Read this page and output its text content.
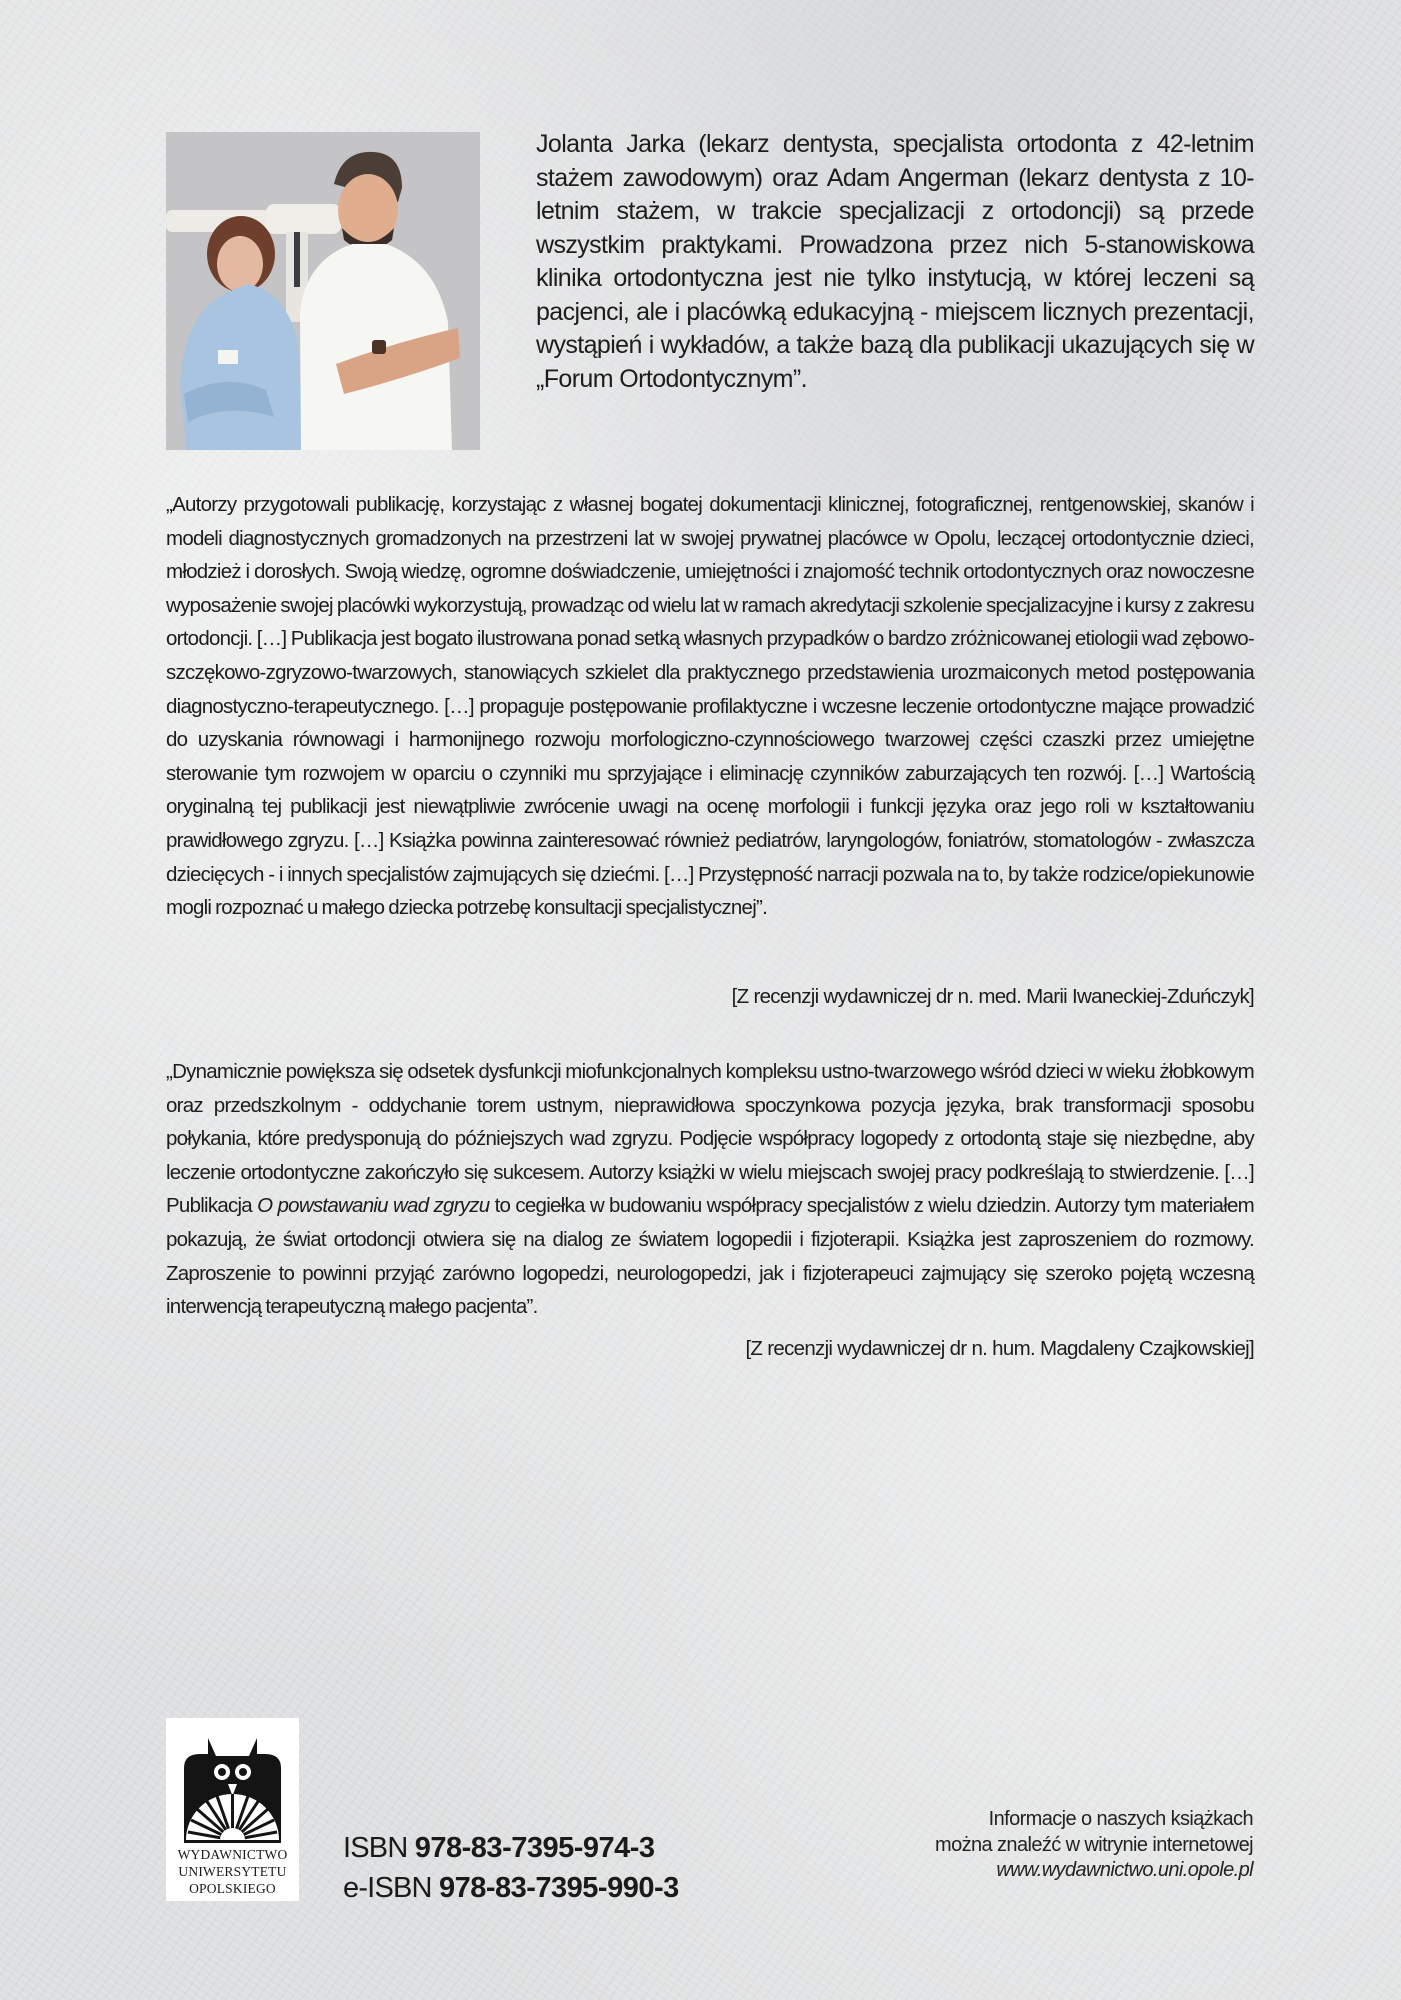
Jolanta Jarka (lekarz dentysta, specjalista ortodonta z 42-letnim stażem zawodowym) oraz Adam Angerman (lekarz dentysta z 10-letnim stażem, w trakcie specjalizacji z ortodoncji) są przede wszystkim praktykami. Prowadzona przez nich 5-stanowiskowa klinika ortodontyczna jest nie tylko instytucją, w której leczeni są pacjenci, ale i placówką edukacyjną - miejscem licznych prezentacji, wystąpień i wykładów, a także bazą dla publikacji ukazujących się w „Forum Ortodontycznym”.

„Autorzy przygotowali publikację, korzystając z własnej bogatej dokumentacji klinicznej, fotograficznej, rentgenowskiej, skanów i modeli diagnostycznych gromadzonych na przestrzeni lat w swojej prywatnej placówce w Opolu, leczącej ortodontycznie dzieci, młodzież i dorosłych. Swoją wiedzę, ogromne doświadczenie, umiejętności i znajomość technik ortodontycznych oraz nowoczesne wyposażenie swojej placówki wykorzystują, prowadząc od wielu lat w ramach akredytacji szkolenie specjalizacyjne i kursy z zakresu ortodoncji. […] Publikacja jest bogato ilustrowana ponad setką własnych przypadków o bardzo zróżnicowanej etiologii wad zębowo-szczękowo-zgryzowo-twarzowych, stanowiących szkielet dla praktycznego przedstawienia urozmaiconych metod postępowania diagnostyczno-terapeutycznego. […] propaguje postępowanie profilaktyczne i wczesne leczenie ortodontyczne mające prowadzić do uzyskania równowagi i harmonijnego rozwoju morfologiczno-czynnościowego twarzowej części czaszki przez umiejętne sterowanie tym rozwojem w oparciu o czynniki mu sprzyjające i eliminację czynników zaburzających ten rozwój. […] Wartością oryginalną tej publikacji jest niewątpliwie zwrócenie uwagi na ocenę morfologii i funkcji języka oraz jego roli w kształtowaniu prawidłowego zgryzu. […] Książka powinna zainteresować również pediatrów, laryngologów, foniatrów, stomatologów - zwłaszcza dziecięcych - i innych specjalistów zajmujących się dziećmi. […] Przystępność narracji pozwala na to, by także rodzice/opiekunowie mogli rozpoznać u małego dziecka potrzebę konsultacji specjalistycznej”.

[Z recenzji wydawniczej dr n. med. Marii Iwaneckiej-Zduńczyk]

„Dynamicznie powiększa się odsetek dysfunkcji miofunkcjonalnych kompleksu ustno-twarzowego wśród dzieci w wieku żłobkowym oraz przedszkolnym - oddychanie torem ustnym, nieprawidłowa spoczynkowa pozycja języka, brak transformacji sposobu połykania, które predysponują do późniejszych wad zgryzu. Podjęcie współpracy logopedy z ortodontą staje się niezbędne, aby leczenie ortodontyczne zakończyło się sukcesem. Autorzy książki w wielu miejscach swojej pracy podkreślają to stwierdzenie. […] Publikacja O powstawaniu wad zgryzu to cegiełka w budowaniu współpracy specjalistów z wielu dziedzin. Autorzy tym materiałem pokazują, że świat ortodoncji otwiera się na dialog ze światem logopedii i fizjoterapii. Książka jest zaproszeniem do rozmowy. Zaproszenie to powinni przyjąć zarówno logopedzi, neurologopedzi, jak i fizjoterapeuci zajmujący się szeroko pojętą wczesną interwencją terapeutyczną małego pacjenta”.

[Z recenzji wydawniczej dr n. hum. Magdaleny Czajkowskiej]
WYDAWNICTWO
UNIWERSYTETU
OPOLSKIEGO
ISBN 978-83-7395-974-3
e-ISBN 978-83-7395-990-3
Informacje o naszych książkach
można znaleźć w witrynie internetowej
www.wydawnictwo.uni.opole.pl
